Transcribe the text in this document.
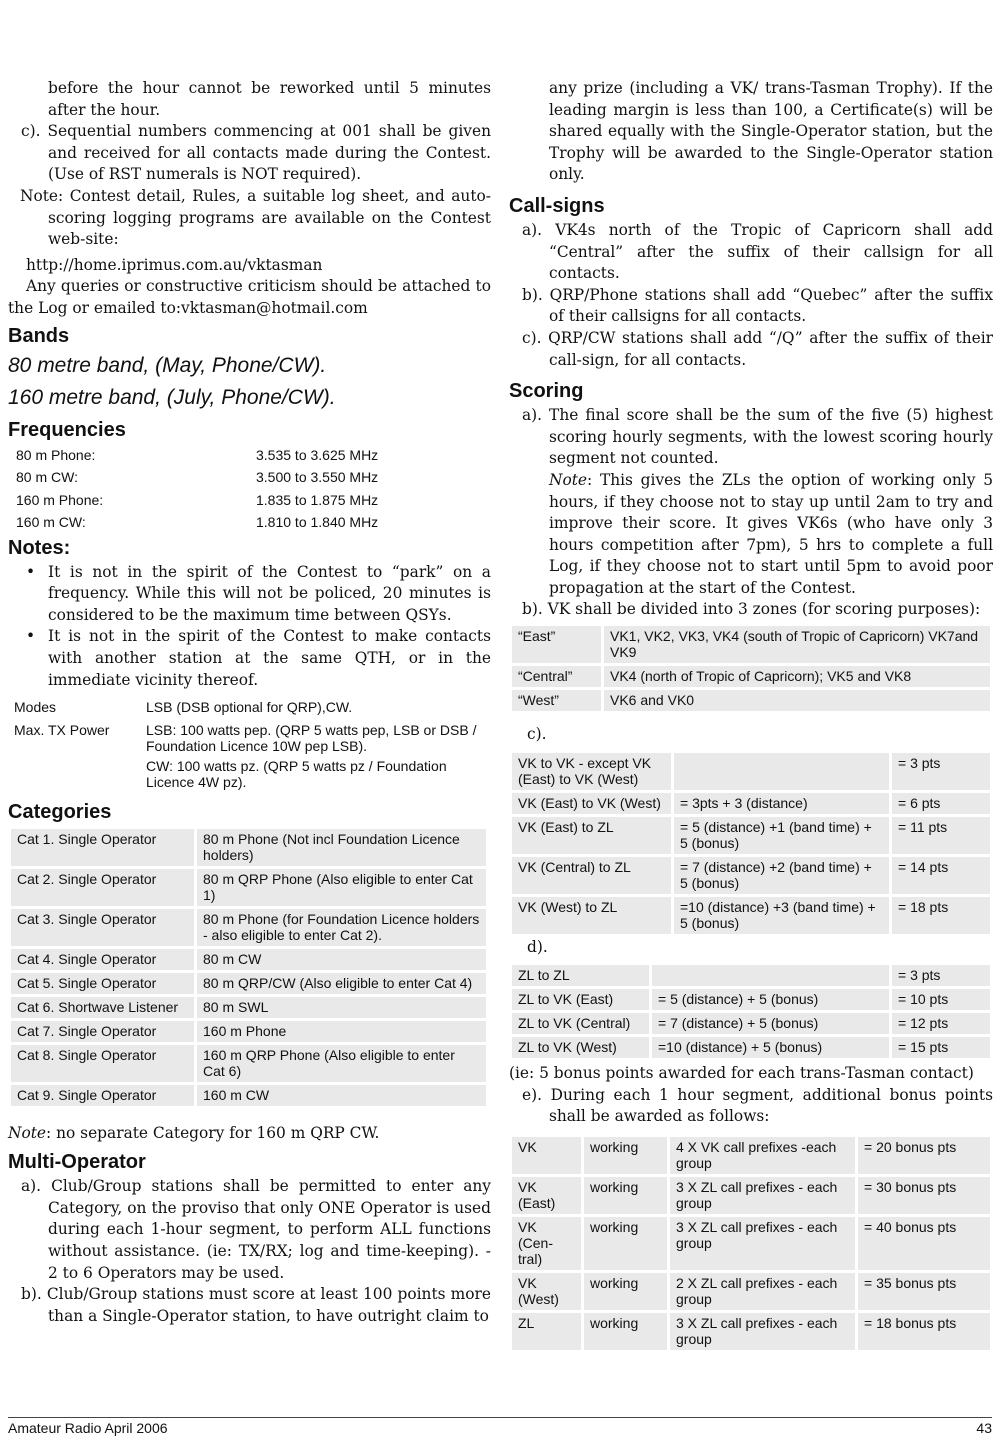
before the hour cannot be reworked until 5 minutes after the hour.
c). Sequential numbers commencing at 001 shall be given and received for all contacts made during the Contest. (Use of RST numerals is NOT required).
Note: Contest detail, Rules, a suitable log sheet, and auto-scoring logging programs are available on the Contest web-site:
http://home.iprimus.com.au/vktasman
Any queries or constructive criticism should be attached to the Log or emailed to:vktasman@hotmail.com
Bands
80 metre band, (May, Phone/CW).
160 metre band, (July, Phone/CW).
Frequencies
80 m Phone:	3.535 to 3.625 MHz
80 m CW:	3.500 to 3.550 MHz
160 m Phone:	1.835 to 1.875 MHz
160 m CW:	1.810 to 1.840 MHz
Notes:
• It is not in the spirit of the Contest to “park” on a frequency. While this will not be policed, 20 minutes is considered to be the maximum time between QSYs.
• It is not in the spirit of the Contest to make contacts with another station at the same QTH, or in the immediate vicinity thereof.
Modes	LSB (DSB optional for QRP),CW.
Max. TX Power	LSB: 100 watts pep. (QRP 5 watts pep, LSB or DSB / Foundation Licence 10W pep LSB).
CW: 100 watts pz. (QRP 5 watts pz / Foundation Licence 4W pz).
Categories
Cat 1. Single Operator	80 m Phone (Not incl Foundation Licence holders)
Cat 2. Single Operator	80 m QRP Phone (Also eligible to enter Cat 1)
Cat 3. Single Operator	80 m Phone (for Foundation Licence holders - also eligible to enter Cat 2).
Cat 4. Single Operator	80 m CW
Cat 5. Single Operator	80 m QRP/CW (Also eligible to enter Cat 4)
Cat 6. Shortwave Listener	80 m SWL
Cat 7. Single Operator	160 m Phone
Cat 8. Single Operator	160 m QRP Phone (Also eligible to enter Cat 6)
Cat 9. Single Operator	160 m CW
Note: no separate Category for 160 m QRP CW.
Multi-Operator
a). Club/Group stations shall be permitted to enter any Category, on the proviso that only ONE Operator is used during each 1-hour segment, to perform ALL functions without assistance. (ie: TX/RX; log and time-keeping). - 2 to 6 Operators may be used.
b). Club/Group stations must score at least 100 points more than a Single-Operator station, to have outright claim to
any prize (including a VK/ trans-Tasman Trophy). If the leading margin is less than 100, a Certificate(s) will be shared equally with the Single-Operator station, but the Trophy will be awarded to the Single-Operator station only.
Call-signs
a). VK4s north of the Tropic of Capricorn shall add “Central” after the suffix of their callsign for all contacts.
b). QRP/Phone stations shall add “Quebec” after the suffix of their callsigns for all contacts.
c). QRP/CW stations shall add “/Q” after the suffix of their call-sign, for all contacts.
Scoring
a). The final score shall be the sum of the five (5) highest scoring hourly segments, with the lowest scoring hourly segment not counted.
Note: This gives the ZLs the option of working only 5 hours, if they choose not to stay up until 2am to try and improve their score. It gives VK6s (who have only 3 hours competition after 7pm), 5 hrs to complete a full Log, if they choose not to start until 5pm to avoid poor propagation at the start of the Contest.
b). VK shall be divided into 3 zones (for scoring purposes):
“East”	VK1, VK2, VK3, VK4 (south of Tropic of Capricorn) VK7and VK9
“Central”	VK4 (north of Tropic of Capricorn); VK5 and VK8
“West”	VK6 and VK0
c).
VK to VK - except VK (East) to VK (West)		= 3 pts
VK (East) to VK (West)	= 3pts + 3 (distance)	= 6 pts
VK (East) to ZL	= 5 (distance) +1 (band time) + 5 (bonus)	= 11 pts
VK (Central) to ZL	= 7 (distance) +2 (band time) + 5 (bonus)	= 14 pts
VK (West) to ZL	=10 (distance) +3 (band time) + 5 (bonus)	= 18 pts
d).
ZL to ZL		= 3 pts
ZL to VK (East)	= 5 (distance) + 5 (bonus)	= 10 pts
ZL to VK (Central)	= 7 (distance) + 5 (bonus)	= 12 pts
ZL to VK (West)	=10 (distance) + 5 (bonus)	= 15 pts
(ie: 5 bonus points awarded for each trans-Tasman contact)
e). During each 1 hour segment, additional bonus points shall be awarded as follows:
VK	working	4 X VK call prefixes -each group	= 20 bonus pts
VK (East)	working	3 X ZL call prefixes - each group	= 30 bonus pts
VK (Cen-tral)	working	3 X ZL call prefixes - each group	= 40 bonus pts
VK (West)	working	2 X ZL call prefixes - each group	= 35 bonus pts
ZL	working	3 X ZL call prefixes - each group	= 18 bonus pts
Amateur Radio April 2006	43
